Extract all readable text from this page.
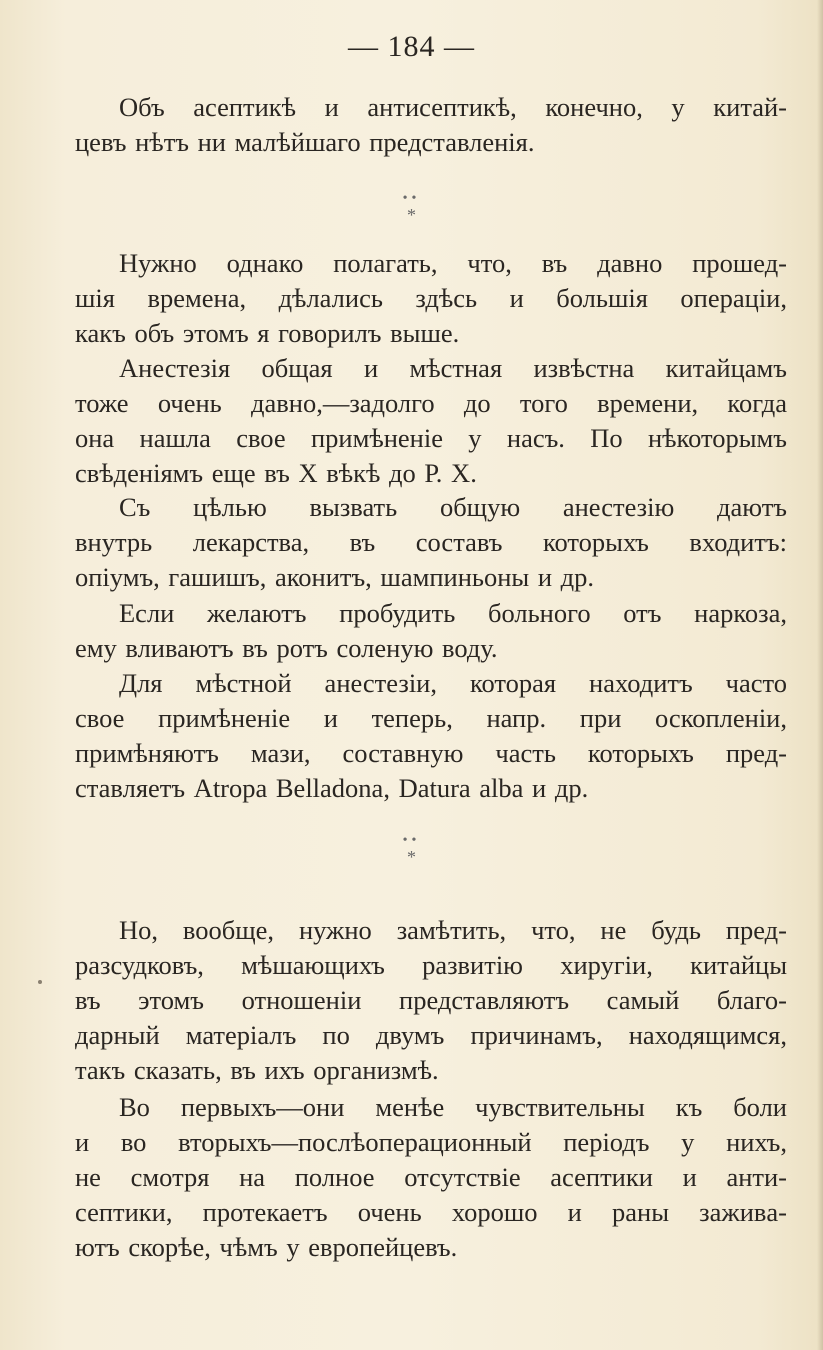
— 184 —
Объ асептикѣ и антисептикѣ, конечно, у китай-
цевъ нѣтъ ни малѣйшаго представленія.
••
*
Нужно однако полагать, что, въ давно прошед-
шія времена, дѣлались здѣсь и большія операціи,
какъ объ этомъ я говорилъ выше.
Анестезія общая и мѣстная извѣстна китайцамъ
тоже очень давно,—задолго до того времени, когда
она нашла свое примѣненіе у насъ. По нѣкоторымъ
свѣденіямъ еще въ X вѣкѣ до Р. Х.
Съ цѣлью вызвать общую анестезію даютъ
внутрь лекарства, въ составъ которыхъ входитъ:
опіумъ, гашишъ, аконитъ, шампиньоны и др.
Если желаютъ пробудить больного отъ наркоза,
ему вливаютъ въ ротъ соленую воду.
Для мѣстной анестезіи, которая находитъ часто
свое примѣненіе и теперь, напр. при оскопленіи,
примѣняютъ мази, составную часть которыхъ пред-
ставляетъ Atropa Belladona, Datura alba и др.
••
*
Но, вообще, нужно замѣтить, что, не будь пред-
разсудковъ, мѣшающихъ развитію хиругіи, китайцы
въ этомъ отношеніи представляютъ самый благо-
дарный матеріалъ по двумъ причинамъ, находящимся,
такъ сказать, въ ихъ организмѣ.
Во первыхъ—они менѣе чувствительны къ боли
и во вторыхъ—послѣоперационный періодъ у нихъ,
не смотря на полное отсутствіе асептики и анти-
септики, протекаетъ очень хорошо и раны заживa-
ютъ скорѣе, чѣмъ у европейцевъ.
